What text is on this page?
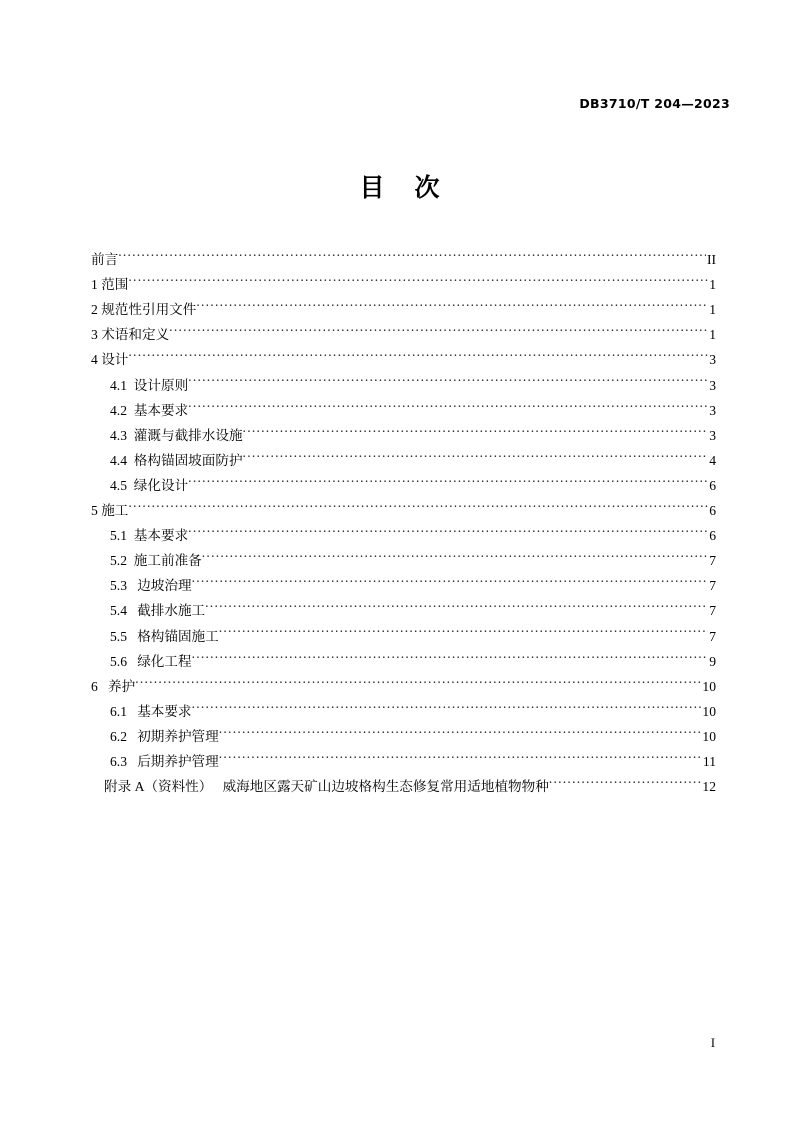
DB3710/T 204—2023
目    次
前言 .....	II
1 范围 .....	1
2 规范性引用文件 .....	1
3 术语和定义 .....	1
4 设计 .....	3
4.1  设计原则 .....	3
4.2  基本要求 .....	3
4.3  灌溉与截排水设施 .....	3
4.4  格构锚固坡面防护 .....	4
4.5  绿化设计 .....	6
5 施工 .....	6
5.1  基本要求 .....	6
5.2  施工前准备 .....	7
5.3   边坡治理 .....	7
5.4   截排水施工 .....	7
5.5   格构锚固施工 .....	7
5.6   绿化工程 .....	9
6   养护 .....	10
6.1   基本要求 .....	10
6.2   初期养护管理 .....	10
6.3   后期养护管理 .....	11
附录 A（资料性）   威海地区露天矿山边坡格构生态修复常用适地植物物种 .....	12
I
